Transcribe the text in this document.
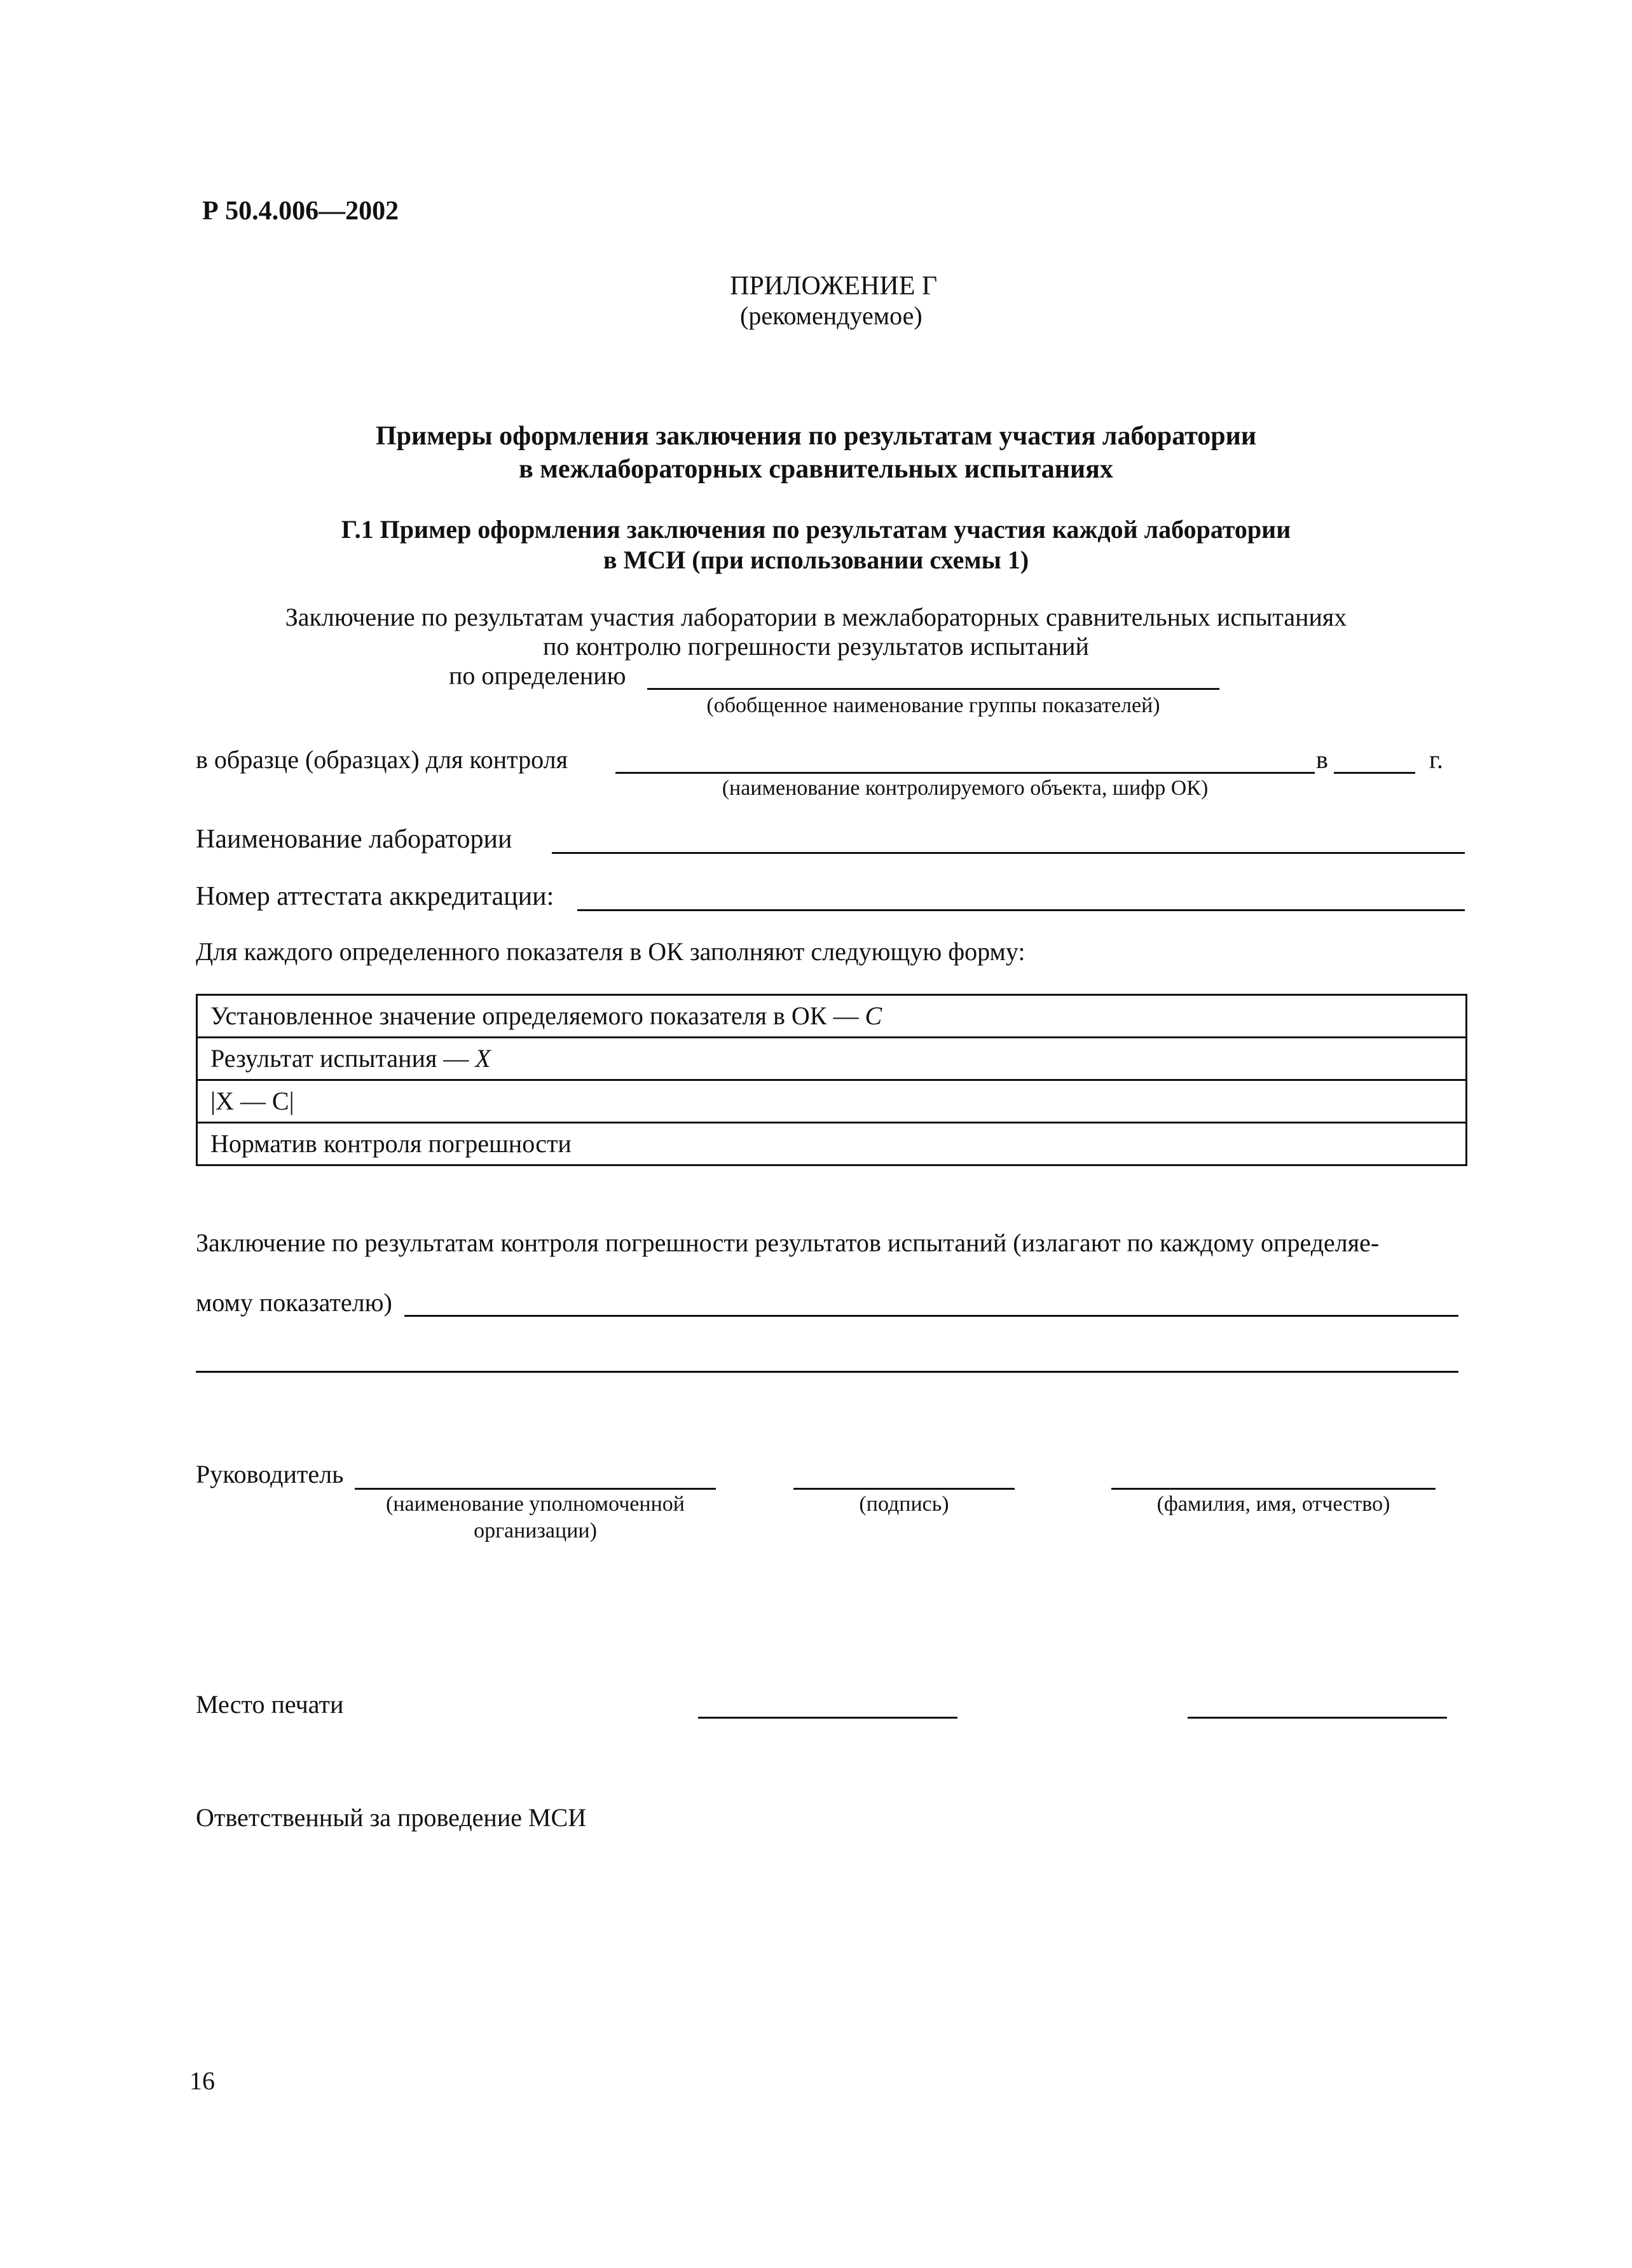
Р 50.4.006—2002
ПРИЛОЖЕНИЕ Г
(рекомендуемое)
Примеры оформления заключения по результатам участия лаборатории
в межлабораторных сравнительных испытаниях
Г.1 Пример оформления заключения по результатам участия каждой лаборатории
в МСИ (при использовании схемы 1)
Заключение по результатам участия лаборатории в межлабораторных сравнительных испытаниях
по контролю погрешности результатов испытаний
по определению
(обобщенное наименование группы показателей)
в образце (образцах) для контроля	в	г.
(наименование контролируемого объекта, шифр ОК)
Наименование лаборатории
Номер аттестата аккредитации:
Для каждого определенного показателя в ОК заполняют следующую форму:
Установленное значение определяемого показателя в ОК — С
Результат испытания — X
|X — С|
Норматив контроля погрешности
Заключение по результатам контроля погрешности результатов испытаний (излагают по каждому определяе-
мому показателю)
Руководитель
(наименование уполномоченной
организации)
(подпись)	(фамилия, имя, отчество)
Место печати
Ответственный за проведение МСИ
16
